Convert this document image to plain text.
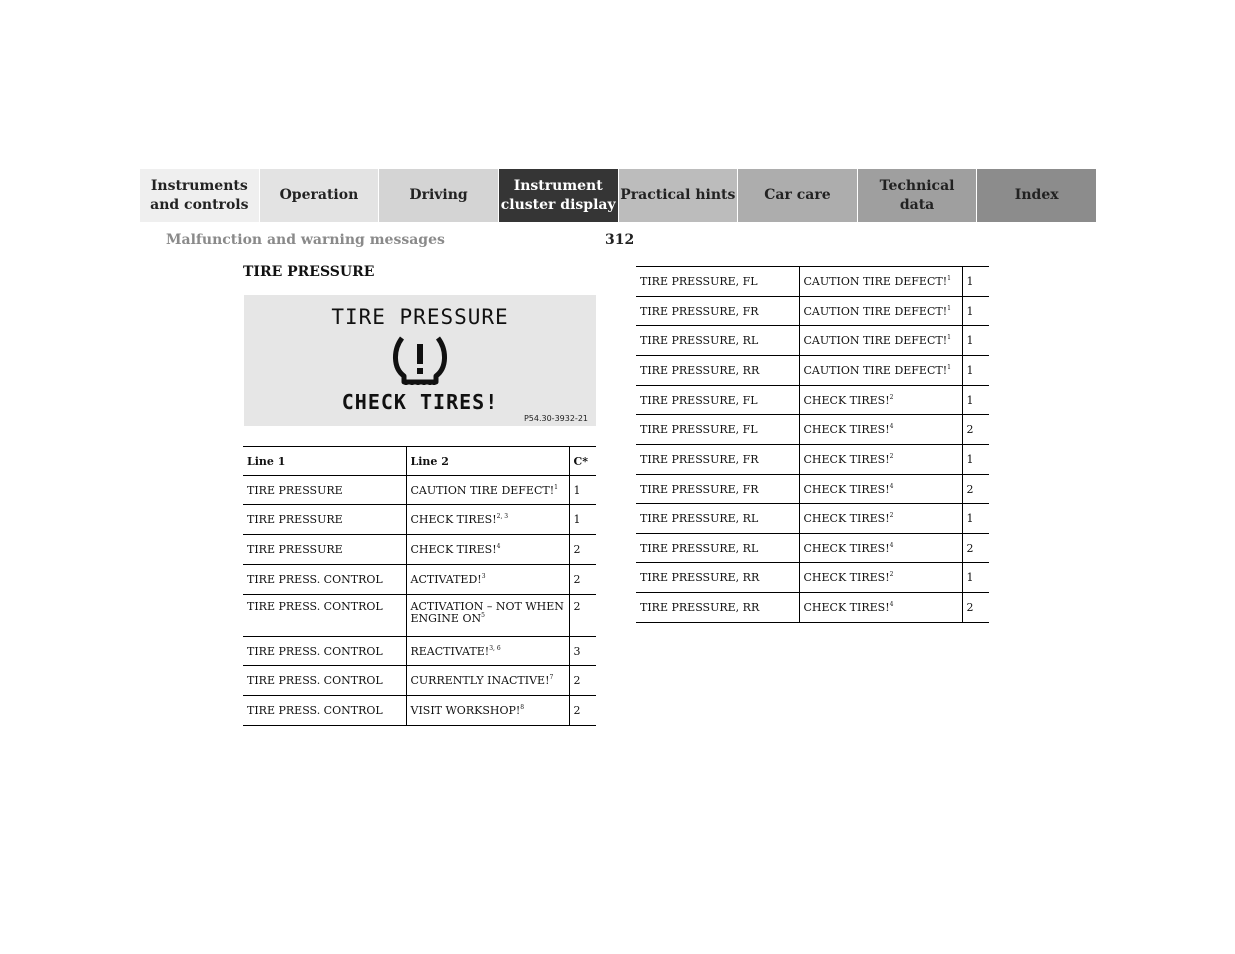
Instruments
and controls
Operation	Driving
Instrument
cluster display
Practical hints	Car care
Technical
data
Index
Malfunction and warning messages	312
TIRE PRESSURE
TIRE PRESSURE
CHECK TIRES!
P54.30-3932-21
Line 1	Line 2	C*
TIRE PRESSURE	CAUTION TIRE DEFECT!$^1$	1
TIRE PRESSURE	CHECK TIRES!$^{2, 3}$	1
TIRE PRESSURE	CHECK TIRES!$^4$	2
TIRE PRESS. CONTROL	ACTIVATED!$^3$	2
TIRE PRESS. CONTROL	ACTIVATION – NOT WHEN ENGINE $ON^5$	2
TIRE PRESS. CONTROL	REACTIVATE!$^{3, 6}$	3
TIRE PRESS. CONTROL	CURRENTLY INACTIVE!$^7$	2
TIRE PRESS. CONTROL	VISIT WORKSHOP!$^8$	2
TIRE PRESSURE, FL	CAUTION TIRE DEFECT!$^1$	1
TIRE PRESSURE, FR	CAUTION TIRE DEFECT!$^1$	1
TIRE PRESSURE, RL	CAUTION TIRE DEFECT!$^1$	1
TIRE PRESSURE, RR	CAUTION TIRE DEFECT!$^1$	1
TIRE PRESSURE, FL	CHECK TIRES!$^2$	1
TIRE PRESSURE, FL	CHECK TIRES!$^4$	2
TIRE PRESSURE, FR	CHECK TIRES!$^2$	1
TIRE PRESSURE, FR	CHECK TIRES!$^4$	2
TIRE PRESSURE, RL	CHECK TIRES!$^2$	1
TIRE PRESSURE, RL	CHECK TIRES!$^4$	2
TIRE PRESSURE, RR	CHECK TIRES!$^2$	1
TIRE PRESSURE, RR	CHECK TIRES!$^4$	2
